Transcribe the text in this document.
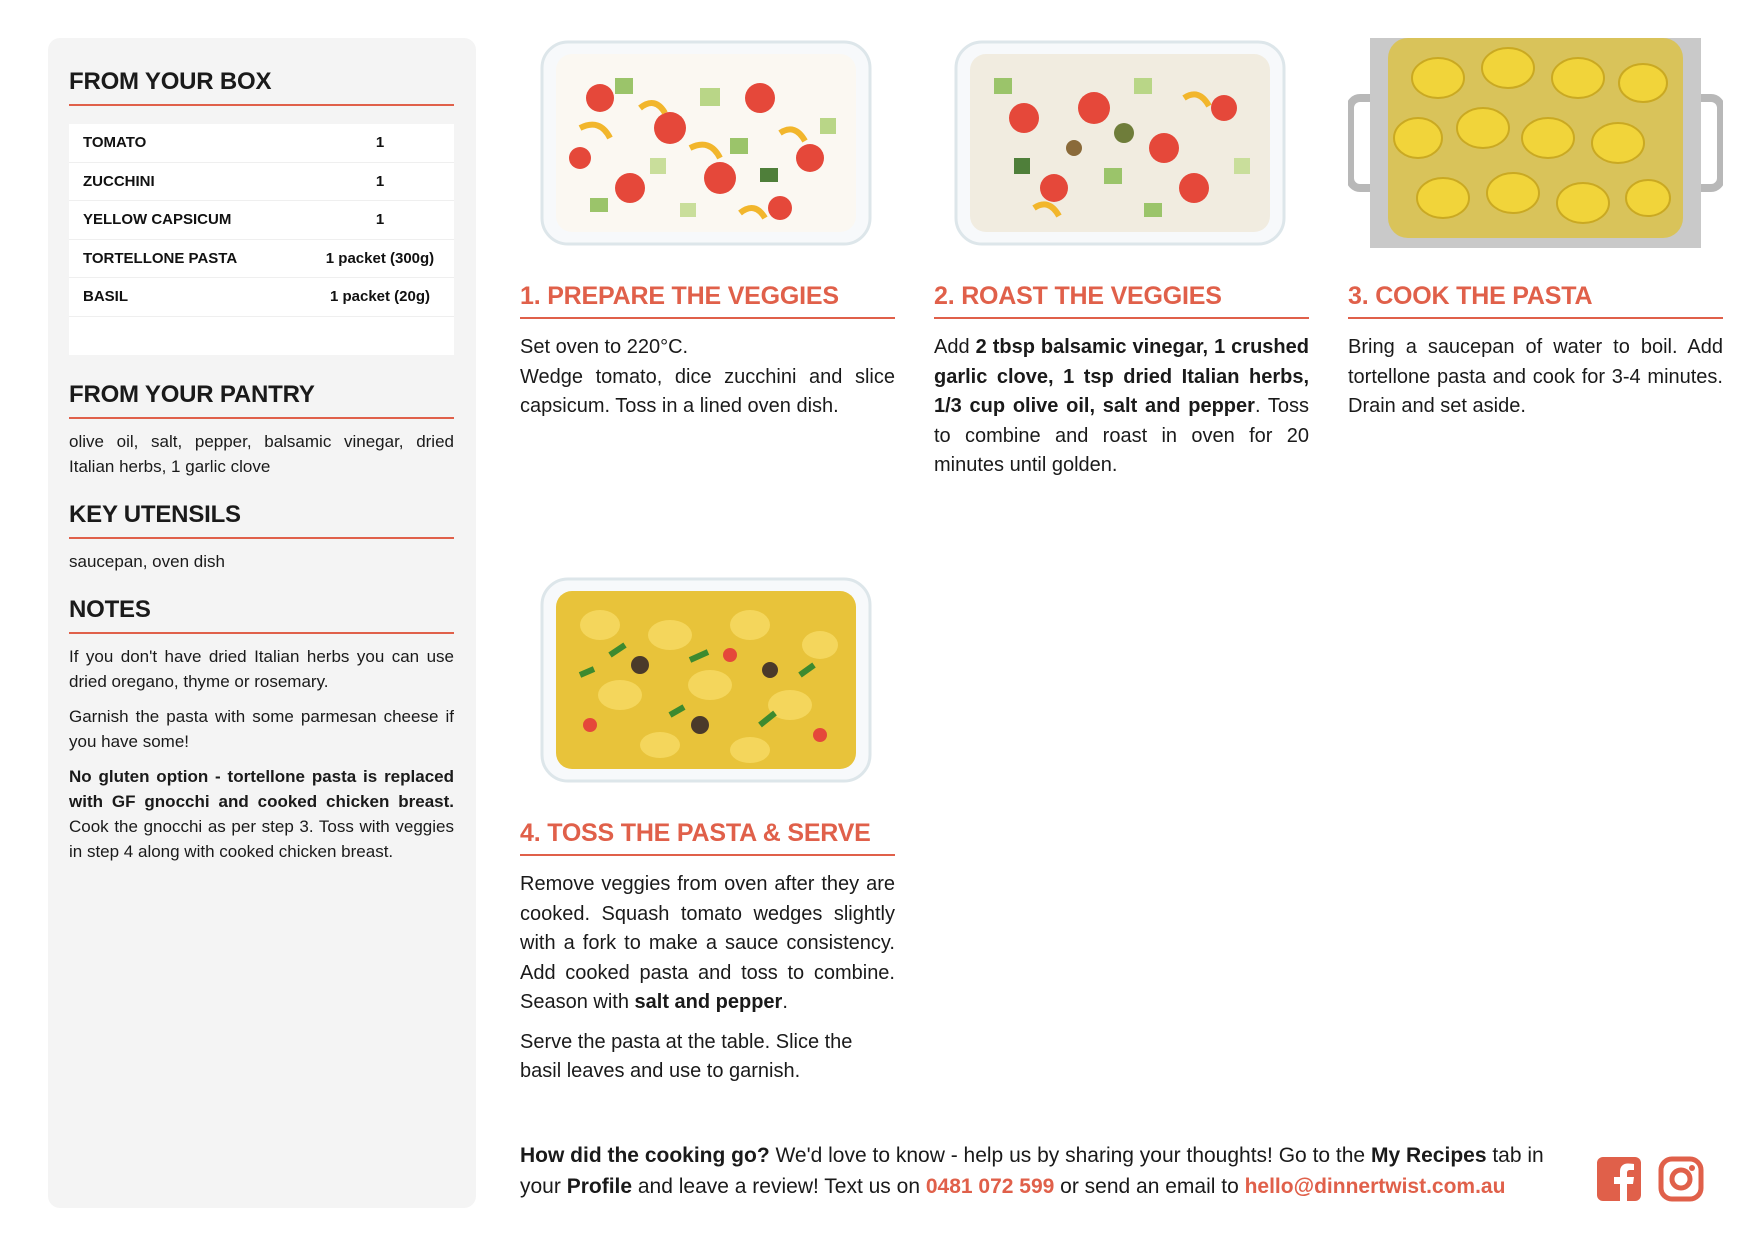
FROM YOUR BOX
TOMATO	1
ZUCCHINI	1
YELLOW CAPSICUM	1
TORTELLONE PASTA	1 packet (300g)
BASIL	1 packet (20g)
FROM YOUR PANTRY
olive oil, salt, pepper, balsamic vinegar, dried Italian herbs, 1 garlic clove
KEY UTENSILS
saucepan, oven dish
NOTES

If you don't have dried Italian herbs you can use dried oregano, thyme or rosemary.

Garnish the pasta with some parmesan cheese if you have some!

No gluten option - tortellone pasta is replaced with GF gnocchi and cooked chicken breast. Cook the gnocchi as per step 3. Toss with veggies in step 4 along with cooked chicken breast.

1. PREPARE THE VEGGIES

Set oven to 220°C.

Wedge tomato, dice zucchini and slice capsicum. Toss in a lined oven dish.

2. ROAST THE VEGGIES

Add 2 tbsp balsamic vinegar, 1 crushed garlic clove, 1 tsp dried Italian herbs, 1/3 cup olive oil, salt and pepper. Toss to combine and roast in oven for 20 minutes until golden.

3. COOK THE PASTA
Bring a saucepan of water to boil. Add tortellone pasta and cook for 3-4 minutes. Drain and set aside.
4. TOSS THE PASTA & SERVE

Remove veggies from oven after they are cooked. Squash tomato wedges slightly with a fork to make a sauce consistency. Add cooked pasta and toss to combine. Season with salt and pepper.

Serve the pasta at the table. Slice the basil leaves and use to garnish.

How did the cooking go? We'd love to know - help us by sharing your thoughts! Go to the My Recipes tab in your Profile and leave a review! Text us on 0481 072 599 or send an email to hello@dinnertwist.com.au
